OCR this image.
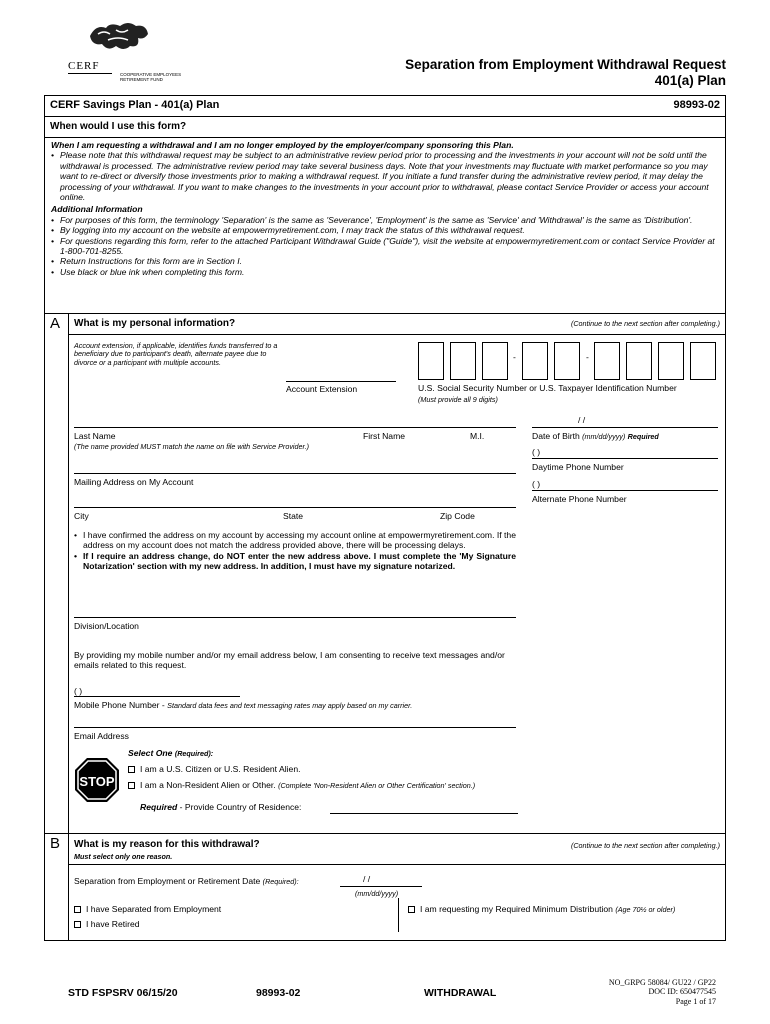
CERF
COOPERATIVE EMPLOYEES RETIREMENT FUND
Separation from Employment Withdrawal Request
401(a) Plan
CERF Savings Plan - 401(a) Plan	98993-02
When would I use this form?
When I am requesting a withdrawal and I am no longer employed by the employer/company sponsoring this Plan.
• Please note that this withdrawal request may be subject to an administrative review period prior to processing and the investments in your account will not be sold until the withdrawal is processed. The administrative review period may take several business days. Note that your investments may fluctuate with market performance so you may want to re-direct or diversify those investments prior to making a withdrawal request. If you initiate a fund transfer during the administrative review period, it may delay the processing of your withdrawal. If you want to make changes to the investments in your account prior to withdrawal, please contact Service Provider or access your account online.
Additional Information
• For purposes of this form, the terminology 'Separation' is the same as 'Severance', 'Employment' is the same as 'Service' and 'Withdrawal' is the same as 'Distribution'.
• By logging into my account on the website at empowermyretirement.com, I may track the status of this withdrawal request.
• For questions regarding this form, refer to the attached Participant Withdrawal Guide ("Guide"), visit the website at empowermyretirement.com or contact Service Provider at 1-800-701-8255.
• Return Instructions for this form are in Section I.
• Use black or blue ink when completing this form.
A What is my personal information?	(Continue to the next section after completing.)
Account extension, if applicable, identifies funds transferred to a beneficiary due to participant's death, alternate payee due to divorce or a participant with multiple accounts.
Account Extension
-	-
U.S. Social Security Number or U.S. Taxpayer Identification Number
(Must provide all 9 digits)
/ /
Last Name	First Name	M.I.	Date of Birth (mm/dd/yyyy) Required
(The name provided MUST match the name on file with Service Provider.)
( )
Daytime Phone Number
Mailing Address on My Account	( )
Alternate Phone Number
City	State	Zip Code
• I have confirmed the address on my account by accessing my account online at empowermyretirement.com. If the address on my account does not match the address provided above, there will be processing delays.
• If I require an address change, do NOT enter the new address above. I must complete the 'My Signature Notarization' section with my new address. In addition, I must have my signature notarized.
Division/Location
By providing my mobile number and/or my email address below, I am consenting to receive text messages and/or emails related to this request.
( )
Mobile Phone Number - Standard data fees and text messaging rates may apply based on my carrier.
Email Address
Select One (Required):
STOP
I am a U.S. Citizen or U.S. Resident Alien.
I am a Non-Resident Alien or Other. (Complete 'Non-Resident Alien or Other Certification' section.)
Required - Provide Country of Residence:
B What is my reason for this withdrawal?
Must select only one reason.
(Continue to the next section after completing.)
Separation from Employment or Retirement Date (Required):	/ /
(mm/dd/yyyy)
I have Separated from Employment
I have Retired
I am requesting my Required Minimum Distribution (Age 70½ or older)
STD FSPSRV 06/15/20	98993-02	WITHDRAWAL
NO_GRPG 58084/ GU22 / GP22
DOC ID: 650477545
Page 1 of 17
